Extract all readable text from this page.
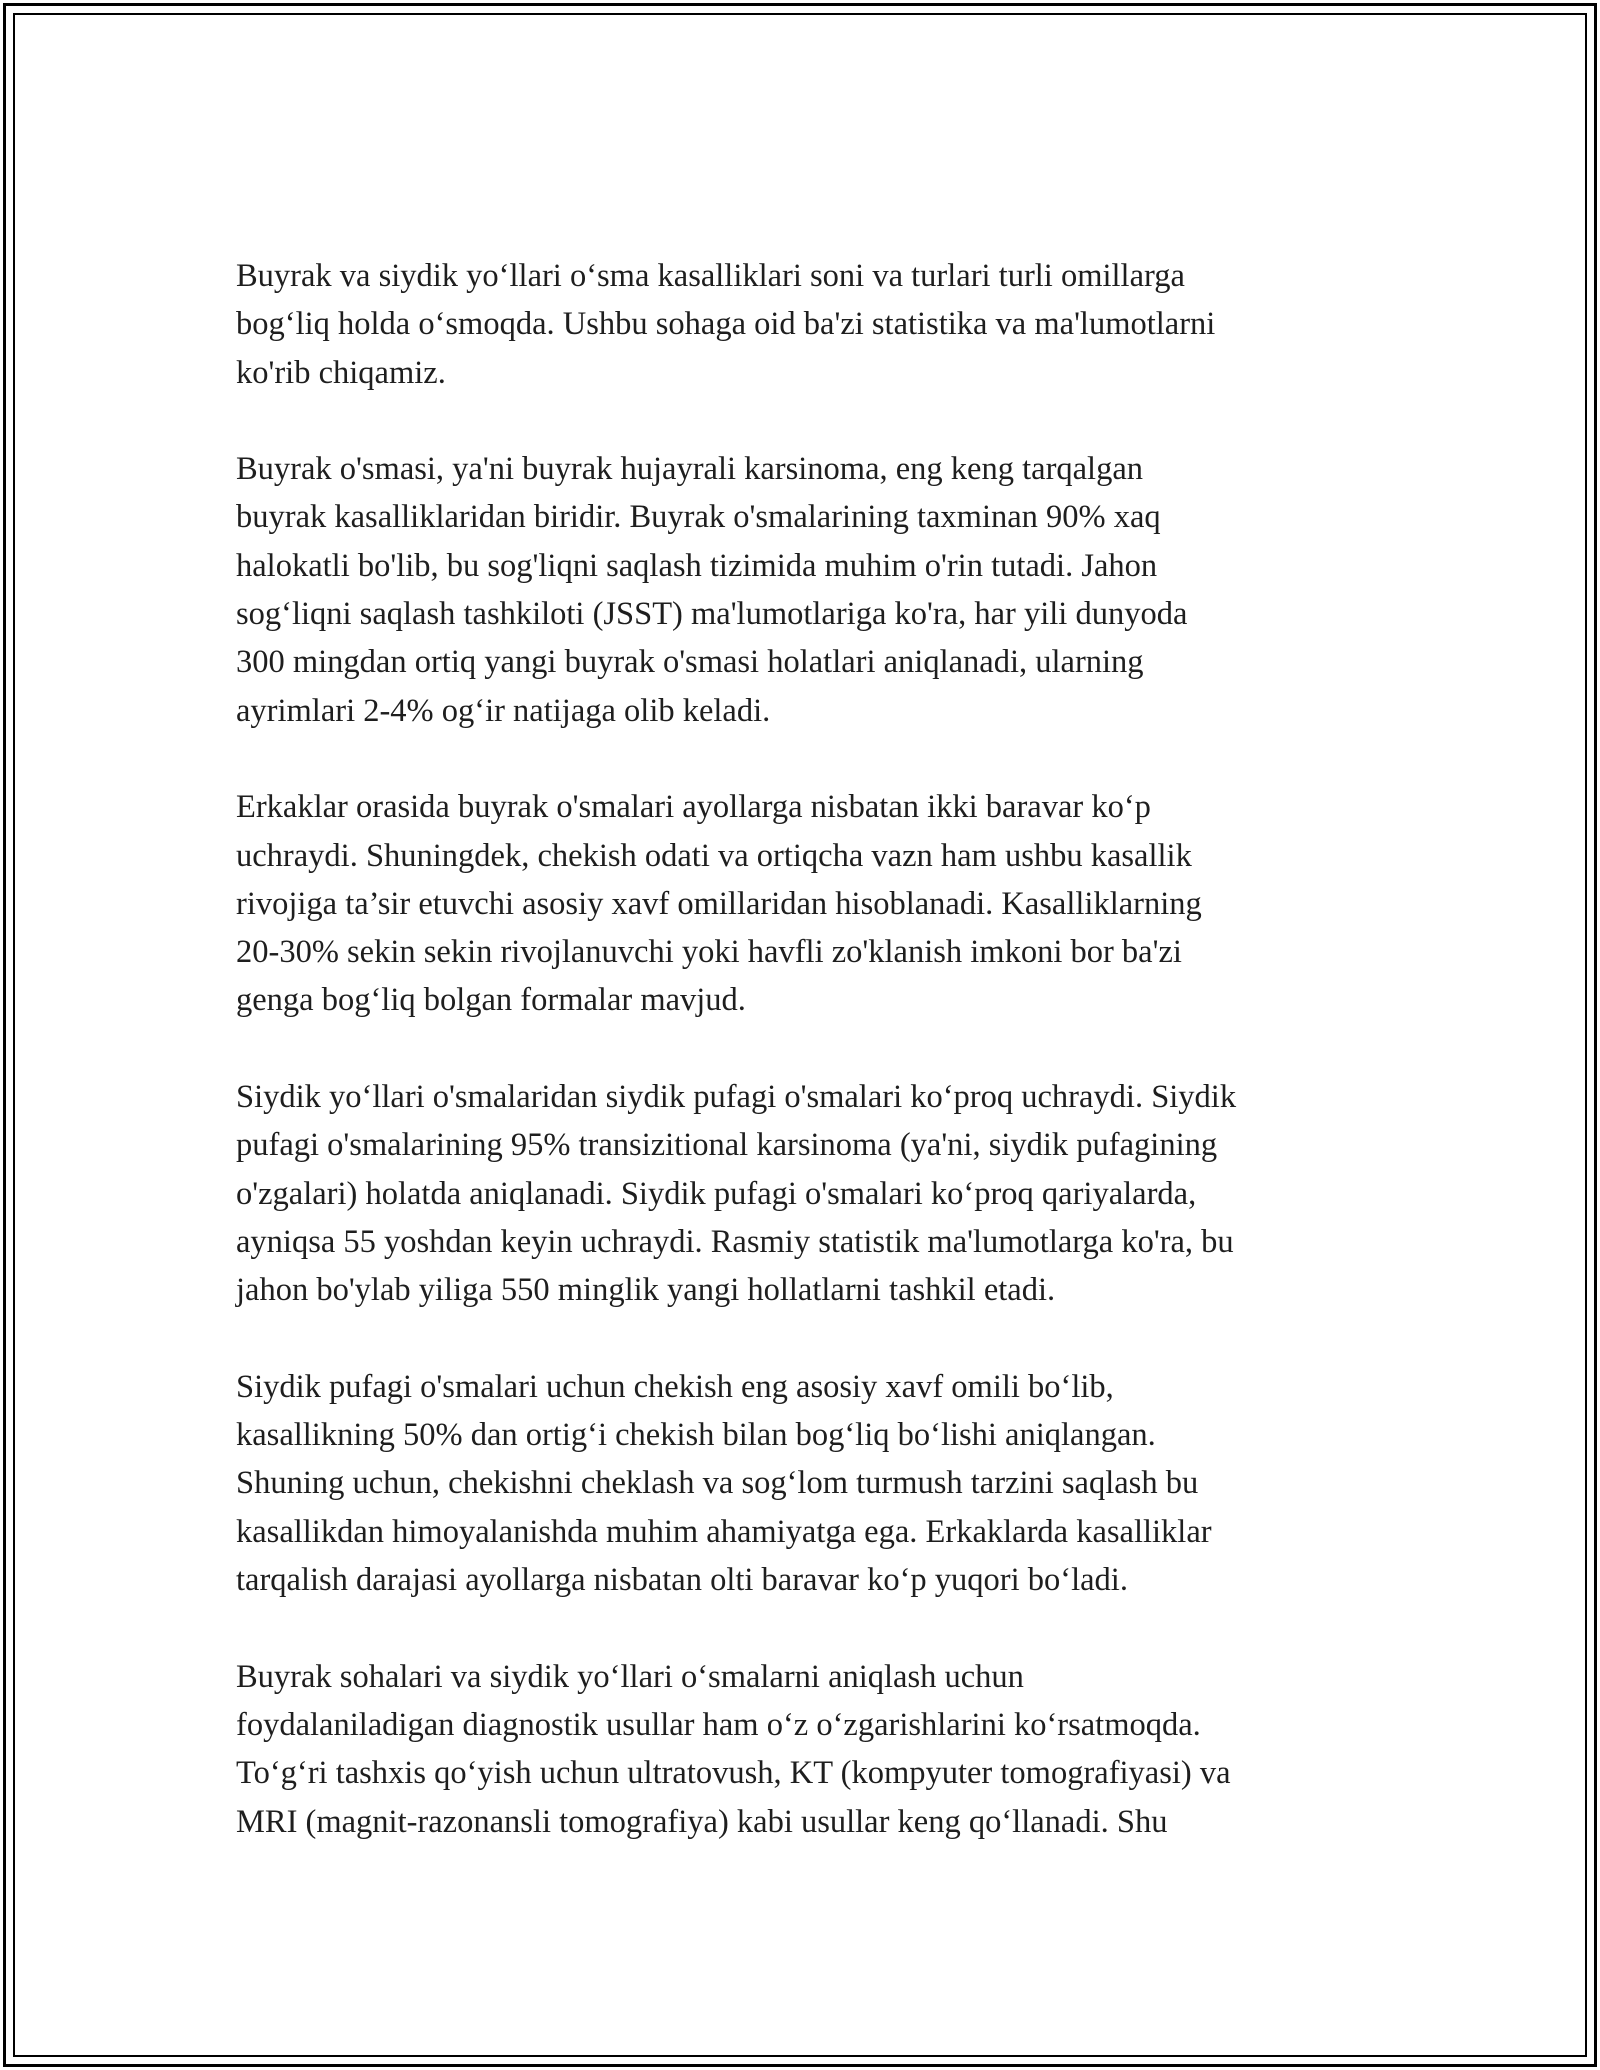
Buyrak va siydik yo‘llari o‘sma kasalliklari soni va turlari turli omillarga
bog‘liq holda o‘smoqda. Ushbu sohaga oid ba'zi statistika va ma'lumotlarni
ko'rib chiqamiz.

Buyrak o'smasi, ya'ni buyrak hujayrali karsinoma, eng keng tarqalgan
buyrak kasalliklaridan biridir. Buyrak o'smalarining taxminan 90% xaq
halokatli bo'lib, bu sog'liqni saqlash tizimida muhim o'rin tutadi. Jahon
sog‘liqni saqlash tashkiloti (JSST) ma'lumotlariga ko'ra, har yili dunyoda
300 mingdan ortiq yangi buyrak o'smasi holatlari aniqlanadi, ularning
ayrimlari 2-4% og‘ir natijaga olib keladi.

Erkaklar orasida buyrak o'smalari ayollarga nisbatan ikki baravar ko‘p
uchraydi. Shuningdek, chekish odati va ortiqcha vazn ham ushbu kasallik
rivojiga ta’sir etuvchi asosiy xavf omillaridan hisoblanadi. Kasalliklarning
20-30% sekin sekin rivojlanuvchi yoki havfli zo'klanish imkoni bor ba'zi
genga bog‘liq bolgan formalar mavjud.

Siydik yo‘llari o'smalaridan siydik pufagi o'smalari ko‘proq uchraydi. Siydik
pufagi o'smalarining 95% transizitional karsinoma (ya'ni, siydik pufagining
o'zgalari) holatda aniqlanadi. Siydik pufagi o'smalari ko‘proq qariyalarda,
ayniqsa 55 yoshdan keyin uchraydi. Rasmiy statistik ma'lumotlarga ko'ra, bu
jahon bo'ylab yiliga 550 minglik yangi hollatlarni tashkil etadi.

Siydik pufagi o'smalari uchun chekish eng asosiy xavf omili bo‘lib,
kasallikning 50% dan ortig‘i chekish bilan bog‘liq bo‘lishi aniqlangan.
Shuning uchun, chekishni cheklash va sog‘lom turmush tarzini saqlash bu
kasallikdan himoyalanishda muhim ahamiyatga ega. Erkaklarda kasalliklar
tarqalish darajasi ayollarga nisbatan olti baravar ko‘p yuqori bo‘ladi.

Buyrak sohalari va siydik yo‘llari o‘smalarni aniqlash uchun
foydalaniladigan diagnostik usullar ham o‘z o‘zgarishlarini ko‘rsatmoqda.
To‘g‘ri tashxis qo‘yish uchun ultratovush, KT (kompyuter tomografiyasi) va
MRI (magnit-razonansli tomografiya) kabi usullar keng qo‘llanadi. Shu
